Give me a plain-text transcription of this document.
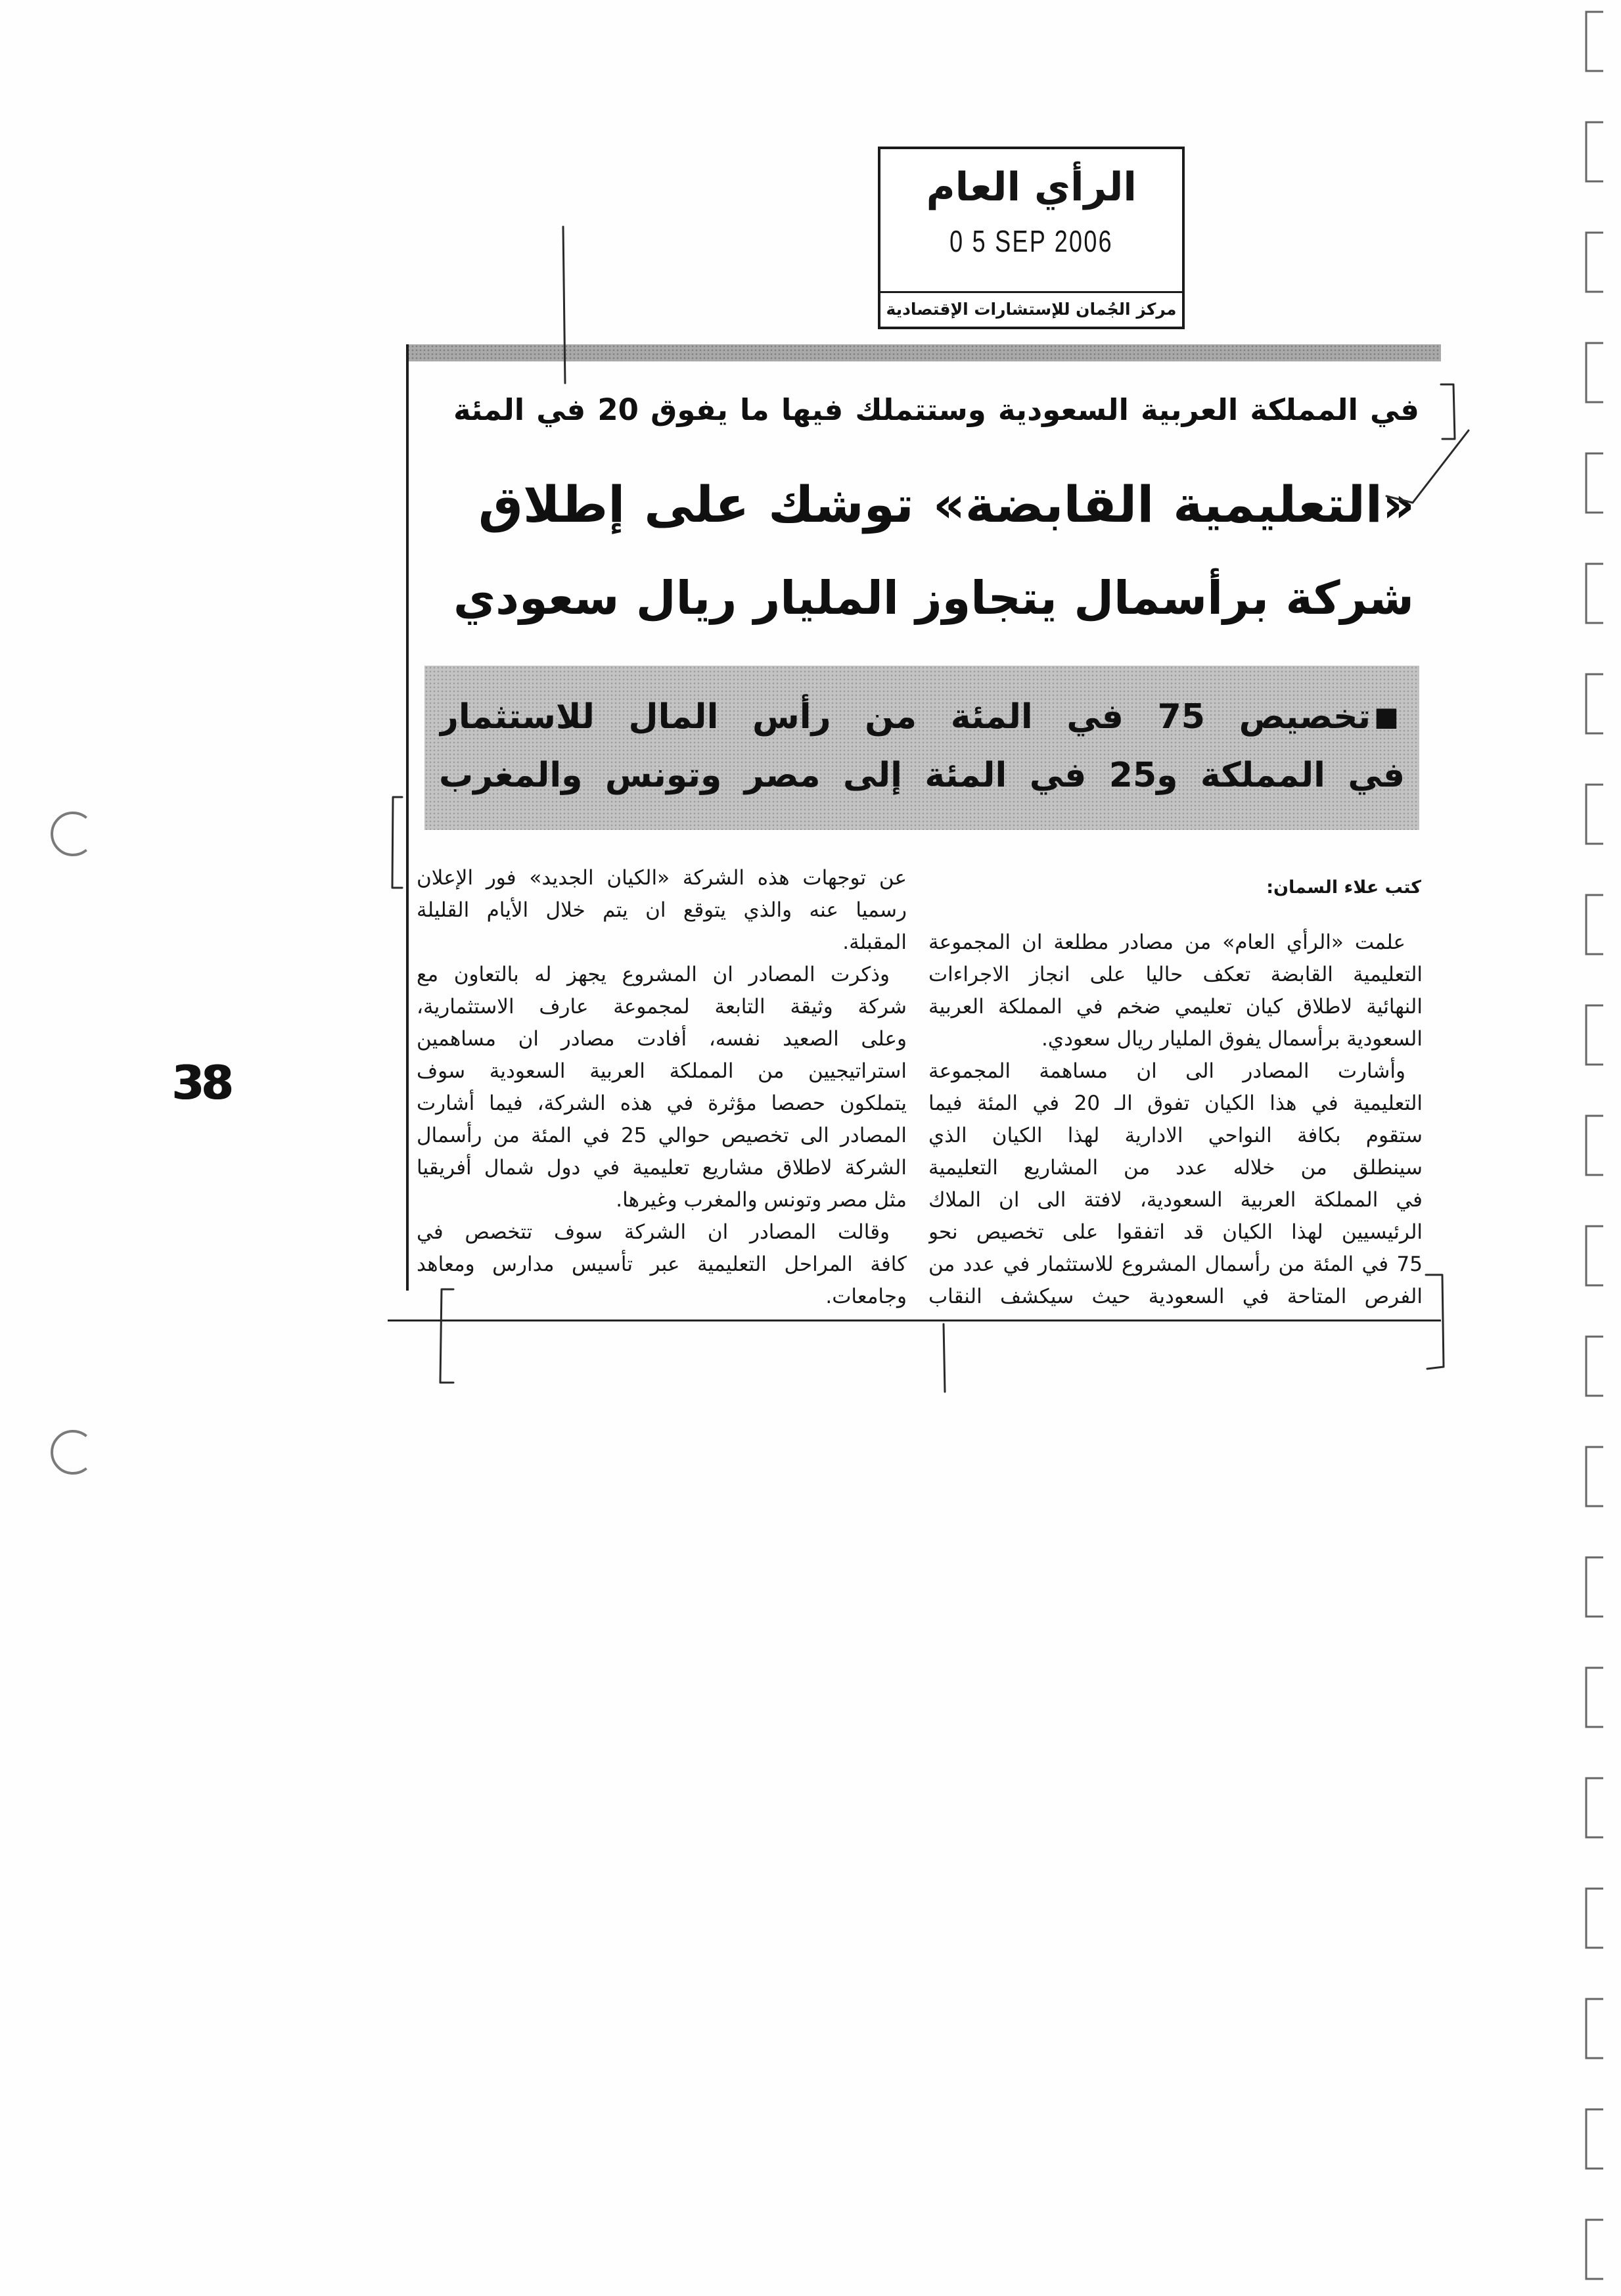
الرأي العام
0 5 SEP 2006
مركز الجُمان للإستشارات الإقتصادية
في المملكة العربية السعودية وستتملك فيها ما يفوق 20 في المئة
«التعليمية القابضة» توشك على إطلاق
شركة برأسمال يتجاوز المليار ريال سعودي
■
تخصيص 75 في المئة من رأس المال للاستثمار
في المملكة و25 في المئة إلى مصر وتونس والمغرب
كتب علاء السمان:
علمت «الرأي العام» من مصادر مطلعة ان المجموعة
التعليمية القابضة تعكف حاليا على انجاز الاجراءات
النهائية لاطلاق كيان تعليمي ضخم في المملكة العربية
السعودية برأسمال يفوق المليار ريال سعودي.
وأشارت المصادر الى ان مساهمة المجموعة
التعليمية في هذا الكيان تفوق الـ 20 في المئة فيما
ستقوم بكافة النواحي الادارية لهذا الكيان الذي
سينطلق من خلاله عدد من المشاريع التعليمية
في المملكة العربية السعودية، لافتة الى ان الملاك
الرئيسيين لهذا الكيان قد اتفقوا على تخصيص نحو
75 في المئة من رأسمال المشروع للاستثمار في عدد من
الفرص المتاحة في السعودية حيث سيكشف النقاب
عن توجهات هذه الشركة «الكيان الجديد» فور الإعلان
رسميا عنه والذي يتوقع ان يتم خلال الأيام القليلة
المقبلة.
وذكرت المصادر ان المشروع يجهز له بالتعاون مع
شركة وثيقة التابعة لمجموعة عارف الاستثمارية،
وعلى الصعيد نفسه، أفادت مصادر ان مساهمين
استراتيجيين من المملكة العربية السعودية سوف
يتملكون حصصا مؤثرة في هذه الشركة، فيما أشارت
المصادر الى تخصيص حوالي 25 في المئة من رأسمال
الشركة لاطلاق مشاريع تعليمية في دول شمال أفريقيا
مثل مصر وتونس والمغرب وغيرها.
وقالت المصادر ان الشركة سوف تتخصص في
كافة المراحل التعليمية عبر تأسيس مدارس ومعاهد
وجامعات.
38
